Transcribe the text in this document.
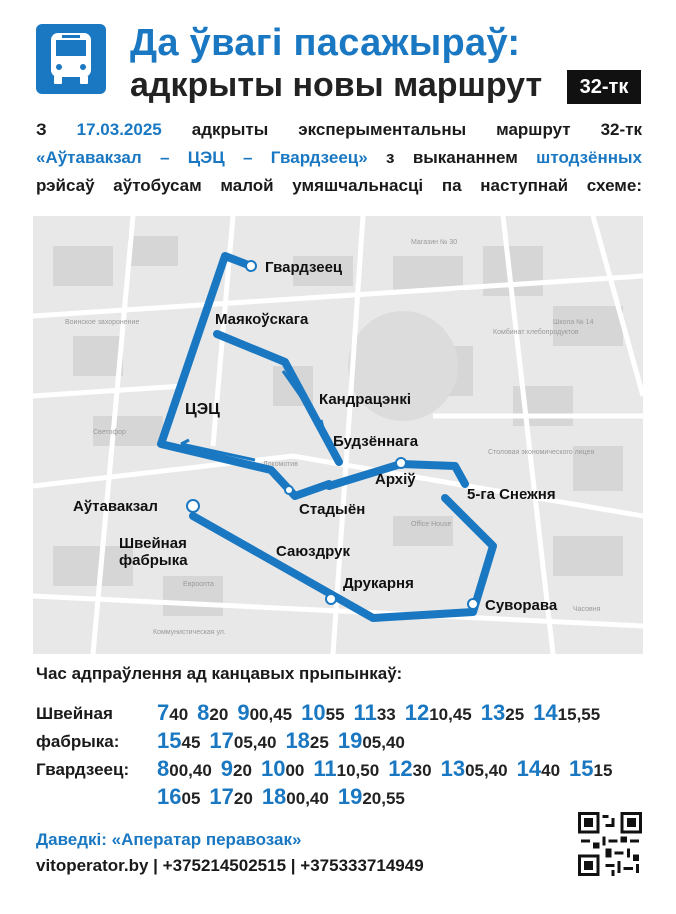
Да ўвагі пасажыраў:
адкрыты новы маршрут	32-тк
З 17.03.2025 адкрыты эксперыментальны маршрут 32-тк
«Аўтавакзал – ЦЭЦ – Гвардзеец» з выкананнем штодзённых
рэйсаў аўтобусам малой умяшчальнасці па наступнай схеме:
Магазин № 30
Воинское захоронение
Комбинат хлебопродуктов
Школа № 14
Светофор
Столовая экономического лицея
Office House
Евроопта
Коммунистическая ул.
Часовня
Локомотив
Гвардзеец
Маякоўскага
ЦЭЦ
Кандрацэнкі
Будзённага
Архіў
5-га Снежня
Аўтавакзал	Стадыён
Швейная
фабрыка
Саюздрук
Друкарня
Суворава
Час адпраўлення ад канцавых прыпынкаў:
Швейная
фабрыка:
Гвардзеец:
740 820 900,45 1055 1133 1210,45 1325 1415,55
1545 1705,40 1825 1905,40
800,40 920 1000 1110,50 1230 1305,40 1440 1515
1605 1720 1800,40 1920,55
Даведкі: «Аператар перавозак»
vitoperator.by | +375214502515 | +375333714949
